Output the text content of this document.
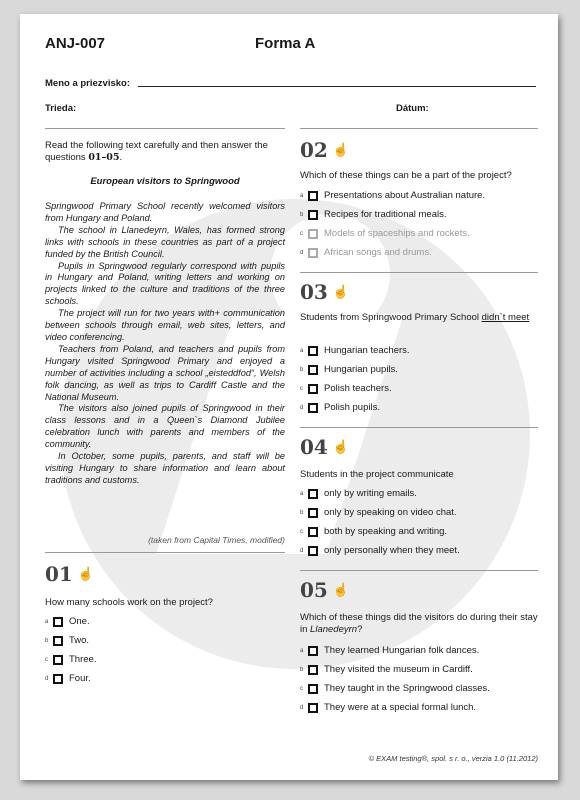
ANJ-007	Forma A
Meno a priezvisko:
Trieda:	Dátum:
Read the following text carefully and then answer the questions 01–05.
European visitors to Springwood

Springwood Primary School recently welcomed visitors from Hungary and Poland.

The school in Llanedeyrn, Wales, has formed strong links with schools in these countries as part of a project funded by the British Council.

Pupils in Springwood regularly correspond with pupils in Hungary and Poland, writing letters and working on projects linked to the culture and traditions of the three schools.

The project will run for two years with+ communication between schools through email, web sites, letters, and video conferencing.

Teachers from Poland, and teachers and pupils from Hungary visited Springwood Primary and enjoyed a number of activities including a school „eisteddfod“, Welsh folk dancing, as well as trips to Cardiff Castle and the National Museum.

The visitors also joined pupils of Springwood in their class lessons and in a Queen`s Diamond Jubilee celebration lunch with parents and members of the community.

In October, some pupils, parents, and staff will be visiting Hungary to share information and learn about traditions and customs.

(taken from Capital Times, modified)
01 ☝
How many schools work on the project?
a One.
b Two.
c	Three.
d Four.
02 ☝
Which of these things can be a part of the project?
a Presentations about Australian nature.
b Recipes for traditional meals.
c	Models of spaceships and rockets.
d African songs and drums.
03 ☝
Students from Springwood Primary School didn`t meet
a Hungarian teachers.
b Hungarian pupils.
c	Polish teachers.
d Polish pupils.
04 ☝
Students in the project communicate
a only by writing emails.
b only by speaking on video chat.
c	both by speaking and writing.
d only personally when they meet.
05 ☝
Which of these things did the visitors do during their stay in Llanedeyrn?
a They learned Hungarian folk dances.
b They visited the museum in Cardiff.
c	They taught in the Springwood classes.
d They were at a special formal lunch.
© EXAM testing®, spol. s r. o., verzia 1.0 (11.2012)
